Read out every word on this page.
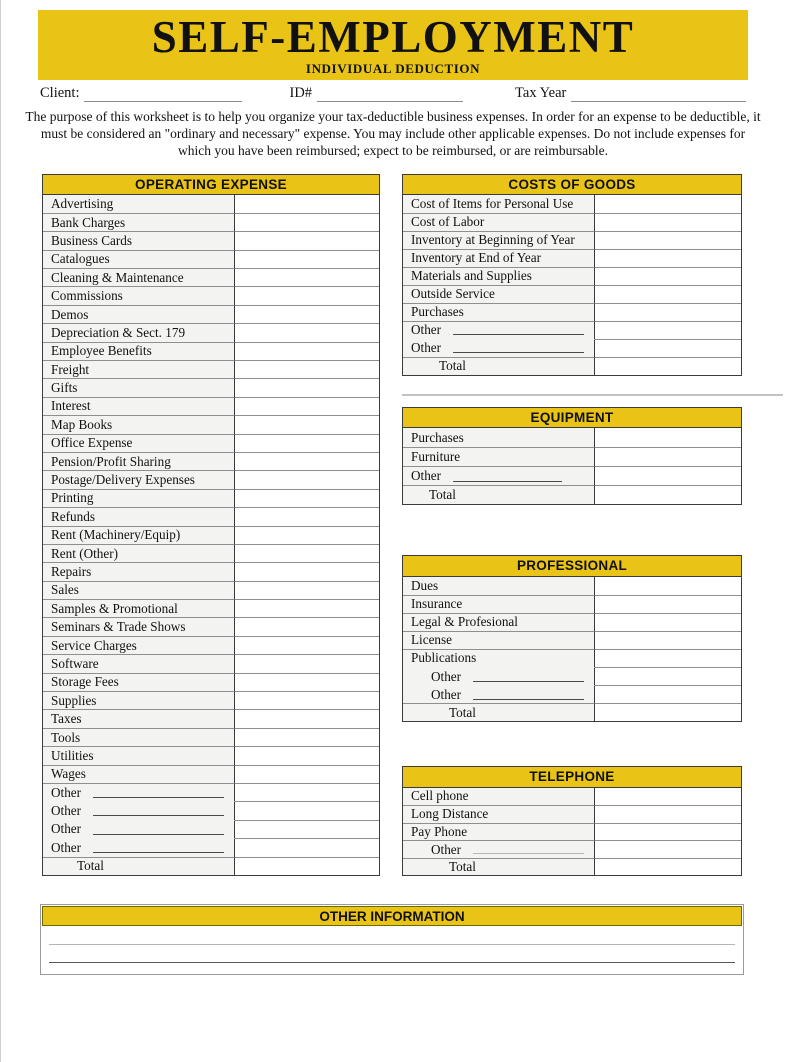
SELF-EMPLOYMENT
INDIVIDUAL DEDUCTION
Client:	ID#	Tax Year
The purpose of this worksheet is to help you organize your tax-deductible business expenses. In order for an expense to be deductible, it must be considered an "ordinary and necessary" expense. You may include other applicable expenses. Do not include expenses for which you have been reimbursed; expect to be reimbursed, or are reimbursable.
OPERATING EXPENSE
Advertising
Bank Charges
Business Cards
Catalogues
Cleaning & Maintenance
Commissions
Demos
Depreciation & Sect. 179
Employee Benefits
Freight
Gifts
Interest
Map Books
Office Expense
Pension/Profit Sharing
Postage/Delivery Expenses
Printing
Refunds
Rent (Machinery/Equip)
Rent (Other)
Repairs
Sales
Samples & Promotional
Seminars & Trade Shows
Service Charges
Software
Storage Fees
Supplies
Taxes
Tools
Utilities
Wages
Other
Other
Other
Other
Total
COSTS OF GOODS
Cost of Items for Personal Use
Cost of Labor
Inventory at Beginning of Year
Inventory at End of Year
Materials and Supplies
Outside Service
Purchases
Other
Other
Total
EQUIPMENT
Purchases
Furniture
Other
Total
PROFESSIONAL
Dues
Insurance
Legal & Profesional
License
Publications
Other
Other
Total
TELEPHONE
Cell phone
Long Distance
Pay Phone
Other
Total
OTHER INFORMATION
